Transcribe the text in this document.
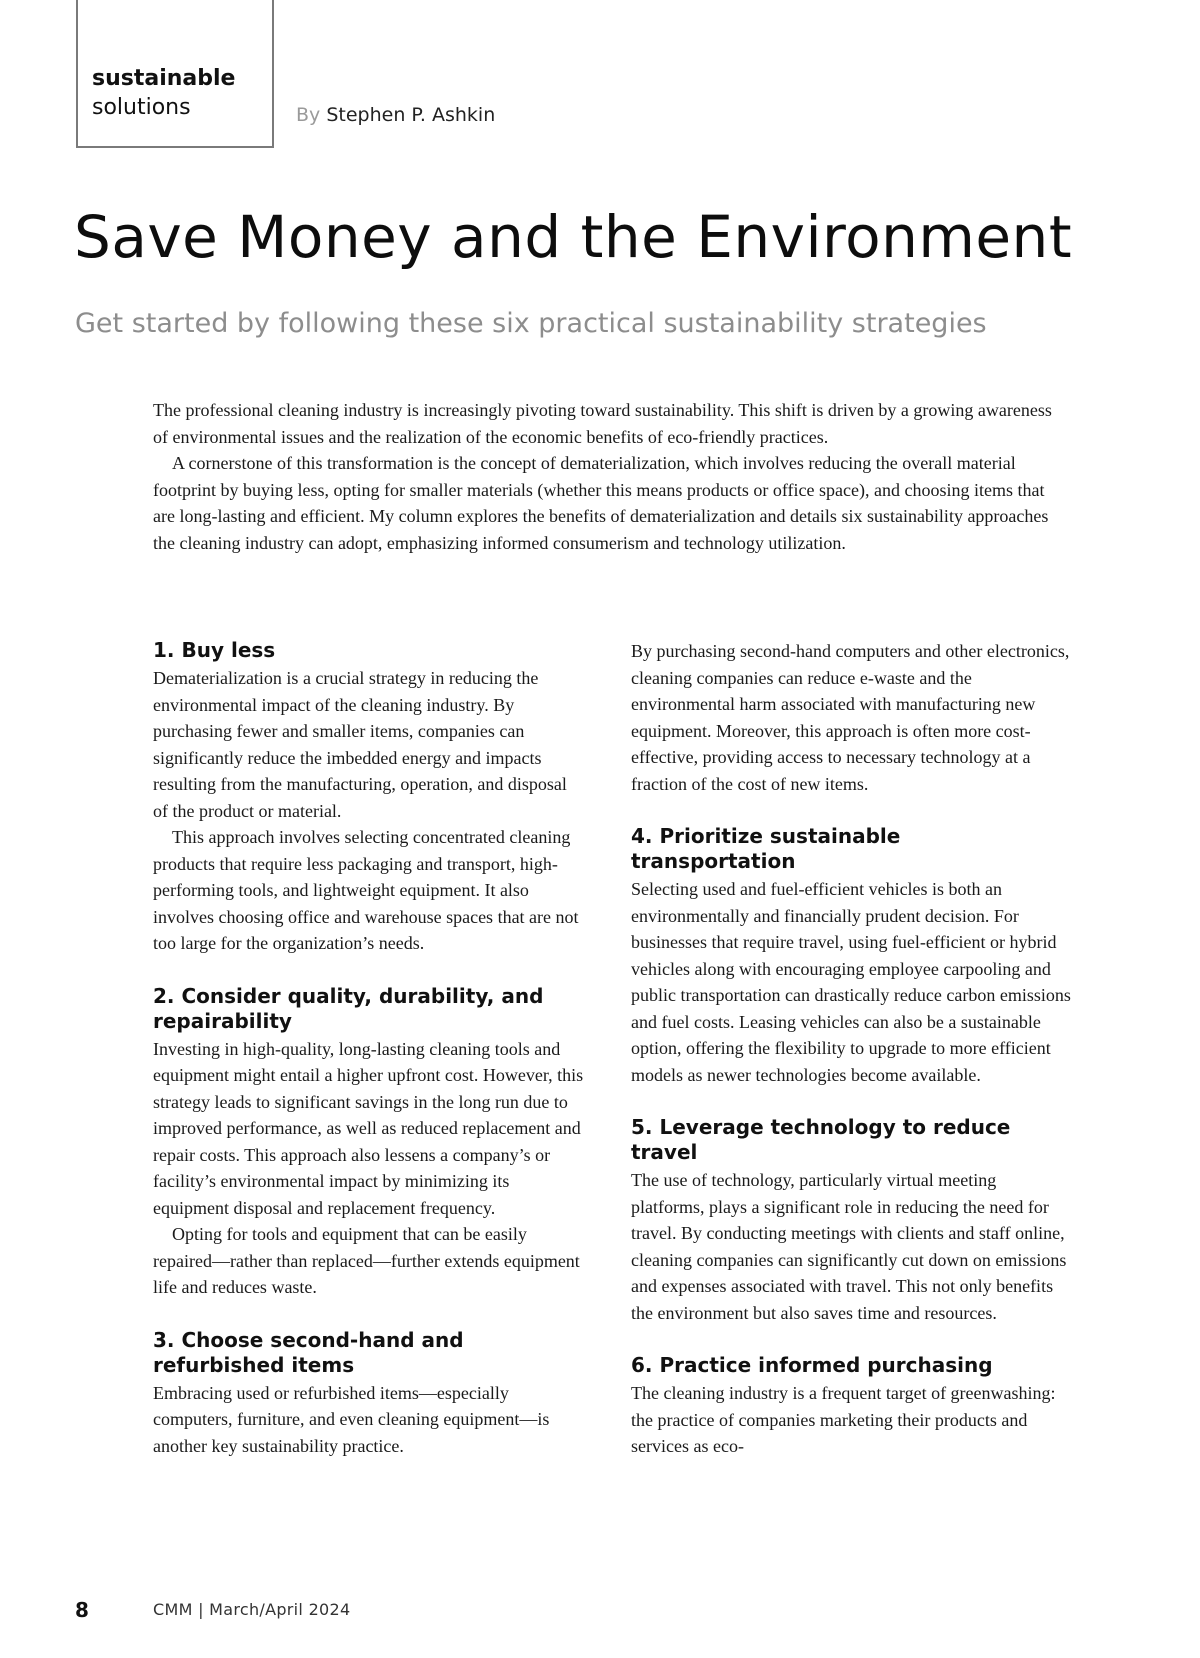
sustainable
solutions	By Stephen P. Ashkin
Save Money and the Environment
Get started by following these six practical sustainability strategies

The professional cleaning industry is increasingly pivoting toward sustainability. This shift is driven by a growing awareness of environmental issues and the realization of the economic benefits of eco-friendly practices.

A cornerstone of this transformation is the concept of dematerialization, which involves reducing the overall material footprint by buying less, opting for smaller materials (whether this means products or office space), and choosing items that are long-lasting and efficient. My column explores the benefits of dematerialization and details six sustainability approaches the cleaning industry can adopt, emphasizing informed consumerism and technology utilization.

1. Buy less

Dematerialization is a crucial strategy in reducing the environmental impact of the cleaning industry. By purchasing fewer and smaller items, companies can significantly reduce the imbedded energy and impacts resulting from the manufacturing, operation, and disposal of the product or material.

This approach involves selecting concentrated cleaning products that require less packaging and transport, high-performing tools, and lightweight equipment. It also involves choosing office and warehouse spaces that are not too large for the organization’s needs.

2. Consider quality, durability, and repairability

Investing in high-quality, long-lasting cleaning tools and equipment might entail a higher upfront cost. However, this strategy leads to significant savings in the long run due to improved performance, as well as reduced replacement and repair costs. This approach also lessens a company’s or facility’s environmental impact by minimizing its equipment disposal and replacement frequency.

Opting for tools and equipment that can be easily repaired—rather than replaced—further extends equipment life and reduces waste.

3. Choose second-hand and refurbished items

Embracing used or refurbished items—especially computers, furniture, and even cleaning equipment—is another key sustainability practice.

By purchasing second-hand computers and other electronics, cleaning companies can reduce e-waste and the environmental harm associated with manufacturing new equipment. Moreover, this approach is often more cost-effective, providing access to necessary technology at a fraction of the cost of new items.

4. Prioritize sustainable transportation

Selecting used and fuel-efficient vehicles is both an environmentally and financially prudent decision. For businesses that require travel, using fuel-efficient or hybrid vehicles along with encouraging employee carpooling and public transportation can drastically reduce carbon emissions and fuel costs. Leasing vehicles can also be a sustainable option, offering the flexibility to upgrade to more efficient models as newer technologies become available.

5. Leverage technology to reduce travel

The use of technology, particularly virtual meeting platforms, plays a significant role in reducing the need for travel. By conducting meetings with clients and staff online, cleaning companies can significantly cut down on emissions and expenses associated with travel. This not only benefits the environment but also saves time and resources.

6. Practice informed purchasing

The cleaning industry is a frequent target of greenwashing: the practice of companies marketing their products and services as eco-

8	CMM | March/April 2024
